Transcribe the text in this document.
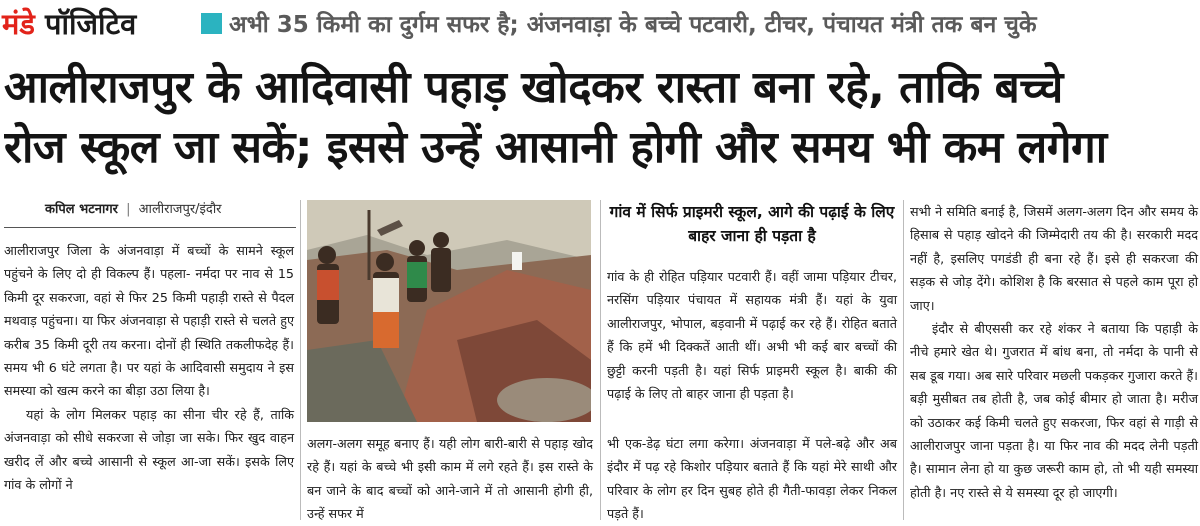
मंडे पॉजिटिव	अभी 35 किमी का दुर्गम सफर है; अंजनवाड़ा के बच्चे पटवारी, टीचर, पंचायत मंत्री तक बन चुके
आलीराजपुर के आदिवासी पहाड़ खोदकर रास्ता बना रहे, ताकि बच्चे
रोज स्कूल जा सकें; इससे उन्हें आसानी होगी और समय भी कम लगेगा
कपिल भटनागर | आलीराजपुर/इंदौर

आलीराजपुर जिला के अंजनवाड़ा में बच्चों के सामने स्कूल पहुंचने के लिए दो ही विकल्प हैं। पहला- नर्मदा पर नाव से 15 किमी दूर सकरजा, वहां से फिर 25 किमी पहाड़ी रास्ते से पैदल मथवाड़ पहुंचना। या फिर अंजनवाड़ा से पहाड़ी रास्ते से चलते हुए करीब 35 किमी दूरी तय करना। दोनों ही स्थिति तकलीफदेह हैं। समय भी 6 घंटे लगता है। पर यहां के आदिवासी समुदाय ने इस समस्या को खत्म करने का बीड़ा उठा लिया है।

यहां के लोग मिलकर पहाड़ का सीना चीर रहे हैं, ताकि अंजनवाड़ा को सीधे सकरजा से जोड़ा जा सके। फिर खुद वाहन खरीद लें और बच्चे आसानी से स्कूल आ-जा सकें। इसके लिए गांव के लोगों ने

अलग-अलग समूह बनाए हैं। यही लोग बारी-बारी से पहाड़ खोद रहे हैं। यहां के बच्चे भी इसी काम में लगे रहते हैं। इस रास्ते के बन जाने के बाद बच्चों को आने-जाने में तो आसानी होगी ही, उन्हें सफर में

गांव में सिर्फ प्राइमरी स्कूल, आगे की पढ़ाई के लिए बाहर जाना ही पड़ता है

गांव के ही रोहित पड़ियार पटवारी हैं। वहीं जामा पड़ियार टीचर, नरसिंग पड़ियार पंचायत में सहायक मंत्री हैं। यहां के युवा आलीराजपुर, भोपाल, बड़वानी में पढ़ाई कर रहे हैं। रोहित बताते हैं कि हमें भी दिक्कतें आती थीं। अभी भी कई बार बच्चों की छुट्टी करनी पड़ती है। यहां सिर्फ प्राइमरी स्कूल है। बाकी की पढ़ाई के लिए तो बाहर जाना ही पड़ता है।

भी एक-डेढ़ घंटा लगा करेगा। अंजनवाड़ा में पले-बढ़े और अब इंदौर में पढ़ रहे किशोर पड़ियार बताते हैं कि यहां मेरे साथी और परिवार के लोग हर दिन सुबह होते ही गैती-फावड़ा लेकर निकल पड़ते हैं।

सभी ने समिति बनाई है, जिसमें अलग-अलग दिन और समय के हिसाब से पहाड़ खोदने की जिम्मेदारी तय की है। सरकारी मदद नहीं है, इसलिए पगडंडी ही बना रहे हैं। इसे ही सकरजा की सड़क से जोड़ देंगे। कोशिश है कि बरसात से पहले काम पूरा हो जाए।

इंदौर से बीएससी कर रहे शंकर ने बताया कि पहाड़ी के नीचे हमारे खेत थे। गुजरात में बांध बना, तो नर्मदा के पानी से सब डूब गया। अब सारे परिवार मछली पकड़कर गुजारा करते हैं। बड़ी मुसीबत तब होती है, जब कोई बीमार हो जाता है। मरीज को उठाकर कई किमी चलते हुए सकरजा, फिर वहां से गाड़ी से आलीराजपुर जाना पड़ता है। या फिर नाव की मदद लेनी पड़ती है। सामान लेना हो या कुछ जरूरी काम हो, तो भी यही समस्या होती है। नए रास्ते से ये समस्या दूर हो जाएगी।
